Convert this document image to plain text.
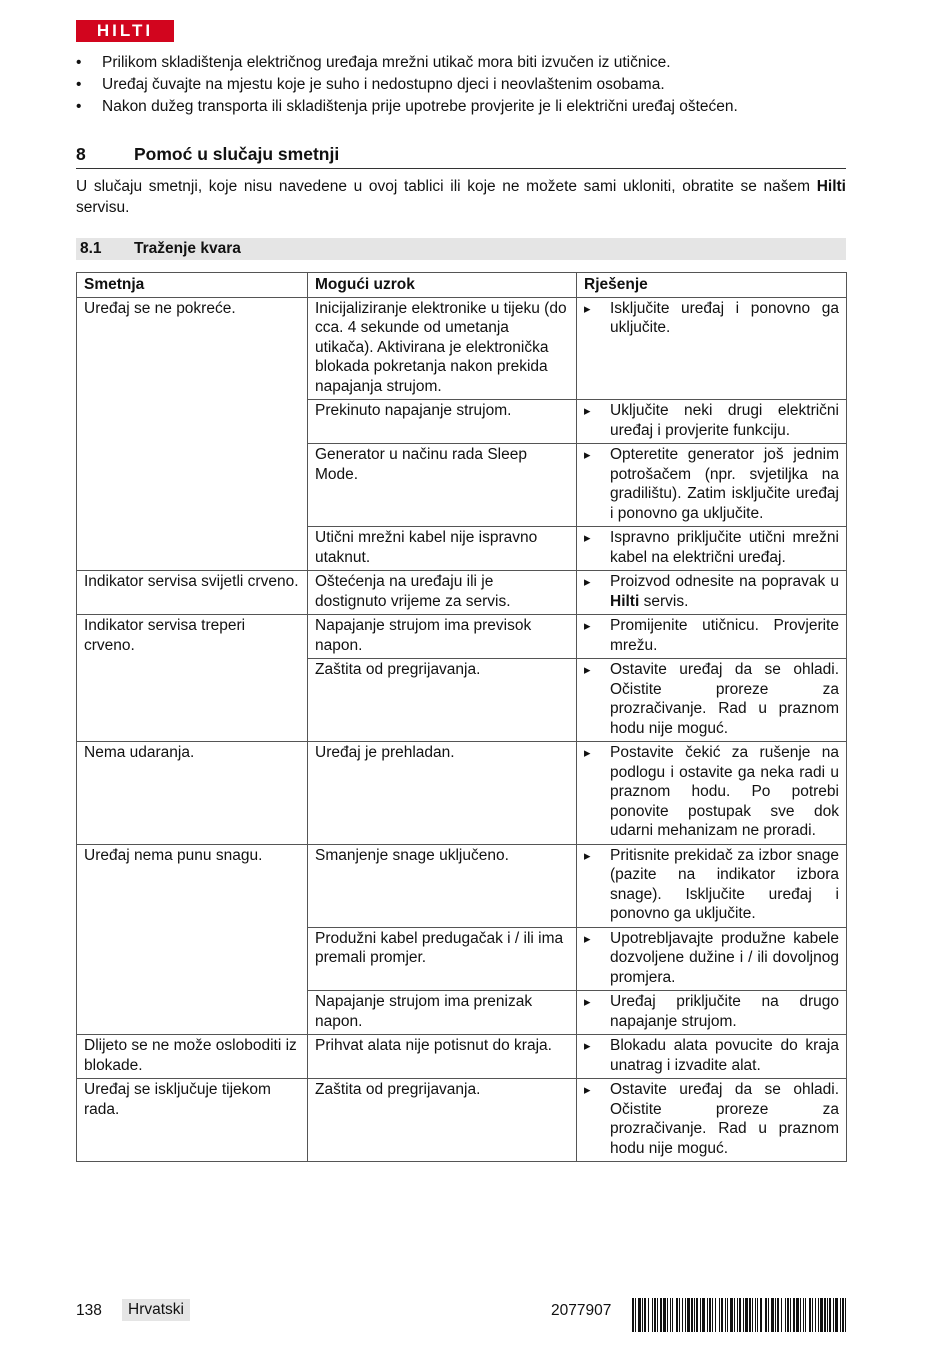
HILTI
• Prilikom skladištenja električnog uređaja mrežni utikač mora biti izvučen iz utičnice.
• Uređaj čuvajte na mjestu koje je suho i nedostupno djeci i neovlaštenim osobama.
• Nakon dužeg transporta ili skladištenja prije upotrebe provjerite je li električni uređaj oštećen.
8	Pomoć u slučaju smetnji
U slučaju smetnji, koje nisu navedene u ovoj tablici ili koje ne možete sami ukloniti, obratite se našem Hilti servisu.
8.1 Traženje kvara
Smetnja	Mogući uzrok	Rješenje
Uređaj se ne pokreće.	Inicijaliziranje elektronike u tijeku (do cca. 4 sekunde od umetanja utikača). Aktivirana je elektronička blokada pokretanja nakon prekida napajanja strujom.	▸ Isključite uređaj i ponovno ga uključite.

	Prekinuto napajanje strujom.	▸ Uključite neki drugi električni uređaj i provjerite funkciju.

	Generator u načinu rada Sleep Mode.	▸ Opteretite generator još jednim potrošačem (npr. svjetiljka na gradilištu). Zatim isključite uređaj i ponovno ga uključite.

	Utični mrežni kabel nije ispravno utaknut.	▸ Ispravno priključite utični mrežni kabel na električni uređaj.

Indikator servisa svijetli crveno.	Oštećenja na uređaju ili je dostignuto vrijeme za servis.	▸ Proizvod odnesite na popravak u Hilti servis.

Indikator servisa treperi crveno.	Napajanje strujom ima previsok napon.	▸ Promijenite utičnicu. Provjerite mrežu.

	Zaštita od pregrijavanja.	▸ Ostavite uređaj da se ohladi. Očistite proreze za prozračivanje. Rad u praznom hodu nije moguć.

Nema udaranja.	Uređaj je prehladan.	▸ Postavite čekić za rušenje na podlogu i ostavite ga neka radi u praznom hodu. Po potrebi ponovite postupak sve dok udarni mehanizam ne proradi.

Uređaj nema punu snagu.	Smanjenje snage uključeno.	▸ Pritisnite prekidač za izbor snage (pazite na indikator izbora snage). Isključite uređaj i ponovno ga uključite.

	Produžni kabel predugačak i / ili ima premali promjer.	▸ Upotrebljavajte produžne kabele dozvoljene dužine i / ili dovoljnog promjera.

	Napajanje strujom ima prenizak napon.	▸ Uređaj priključite na drugo napajanje strujom.

Dlijeto se ne može osloboditi iz blokade.	Prihvat alata nije potisnut do kraja.	▸ Blokadu alata povucite do kraja unatrag i izvadite alat.

Uređaj se isključuje tijekom rada.	Zaštita od pregrijavanja.	▸ Ostavite uređaj da se ohladi. Očistite proreze za prozračivanje. Rad u praznom hodu nije moguć.
138	Hrvatski	2077907
